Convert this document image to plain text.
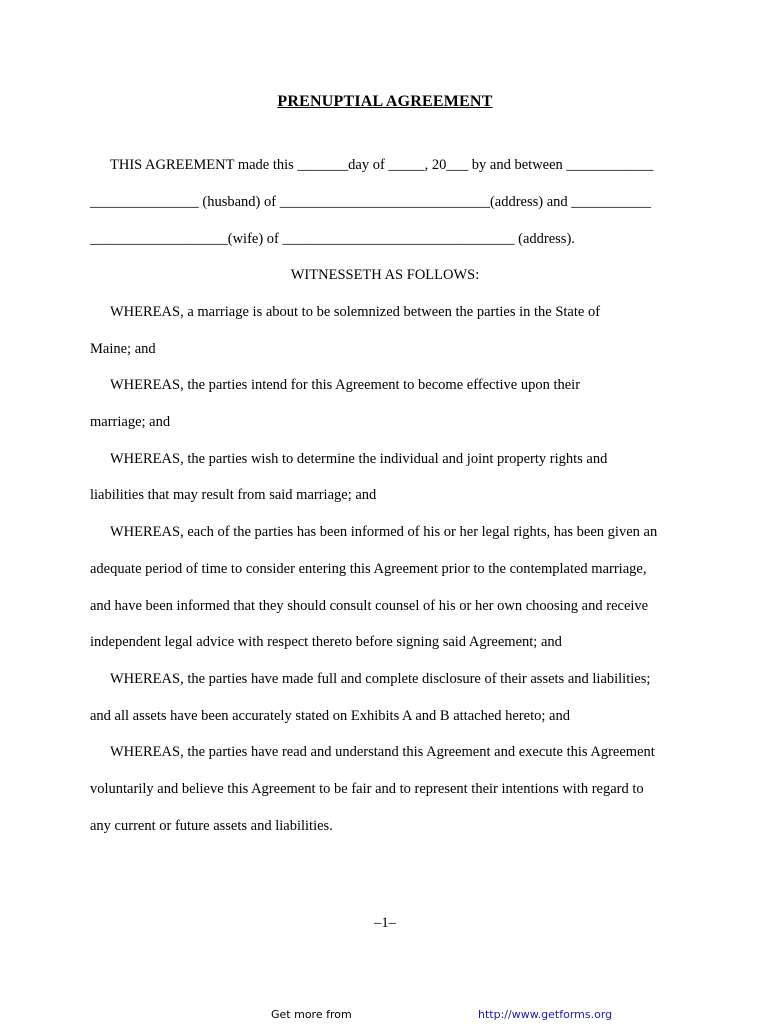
PRENUPTIAL AGREEMENT
THIS AGREEMENT made this _______day of _____, 20___ by and between ____________
_______________ (husband) of _____________________________(address) and ___________
___________________(wife) of ________________________________ (address).
WITNESSETH AS FOLLOWS:
WHEREAS, a marriage is about to be solemnized between the parties in the State of
Maine; and
WHEREAS, the parties intend for this Agreement to become effective upon their
marriage; and
WHEREAS, the parties wish to determine the individual and joint property rights and
liabilities that may result from said marriage; and
WHEREAS, each of the parties has been informed of his or her legal rights, has been given an
adequate period of time to consider entering this Agreement prior to the contemplated marriage,
and have been informed that they should consult counsel of his or her own choosing and receive
independent legal advice with respect thereto before signing said Agreement; and
WHEREAS, the parties have made full and complete disclosure of their assets and liabilities;
and all assets have been accurately stated on Exhibits A and B attached hereto; and
WHEREAS, the parties have read and understand this Agreement and execute this Agreement
voluntarily and believe this Agreement to be fair and to represent their intentions with regard to
any current or future assets and liabilities.
–1–
Get more from	http://www.getforms.org
